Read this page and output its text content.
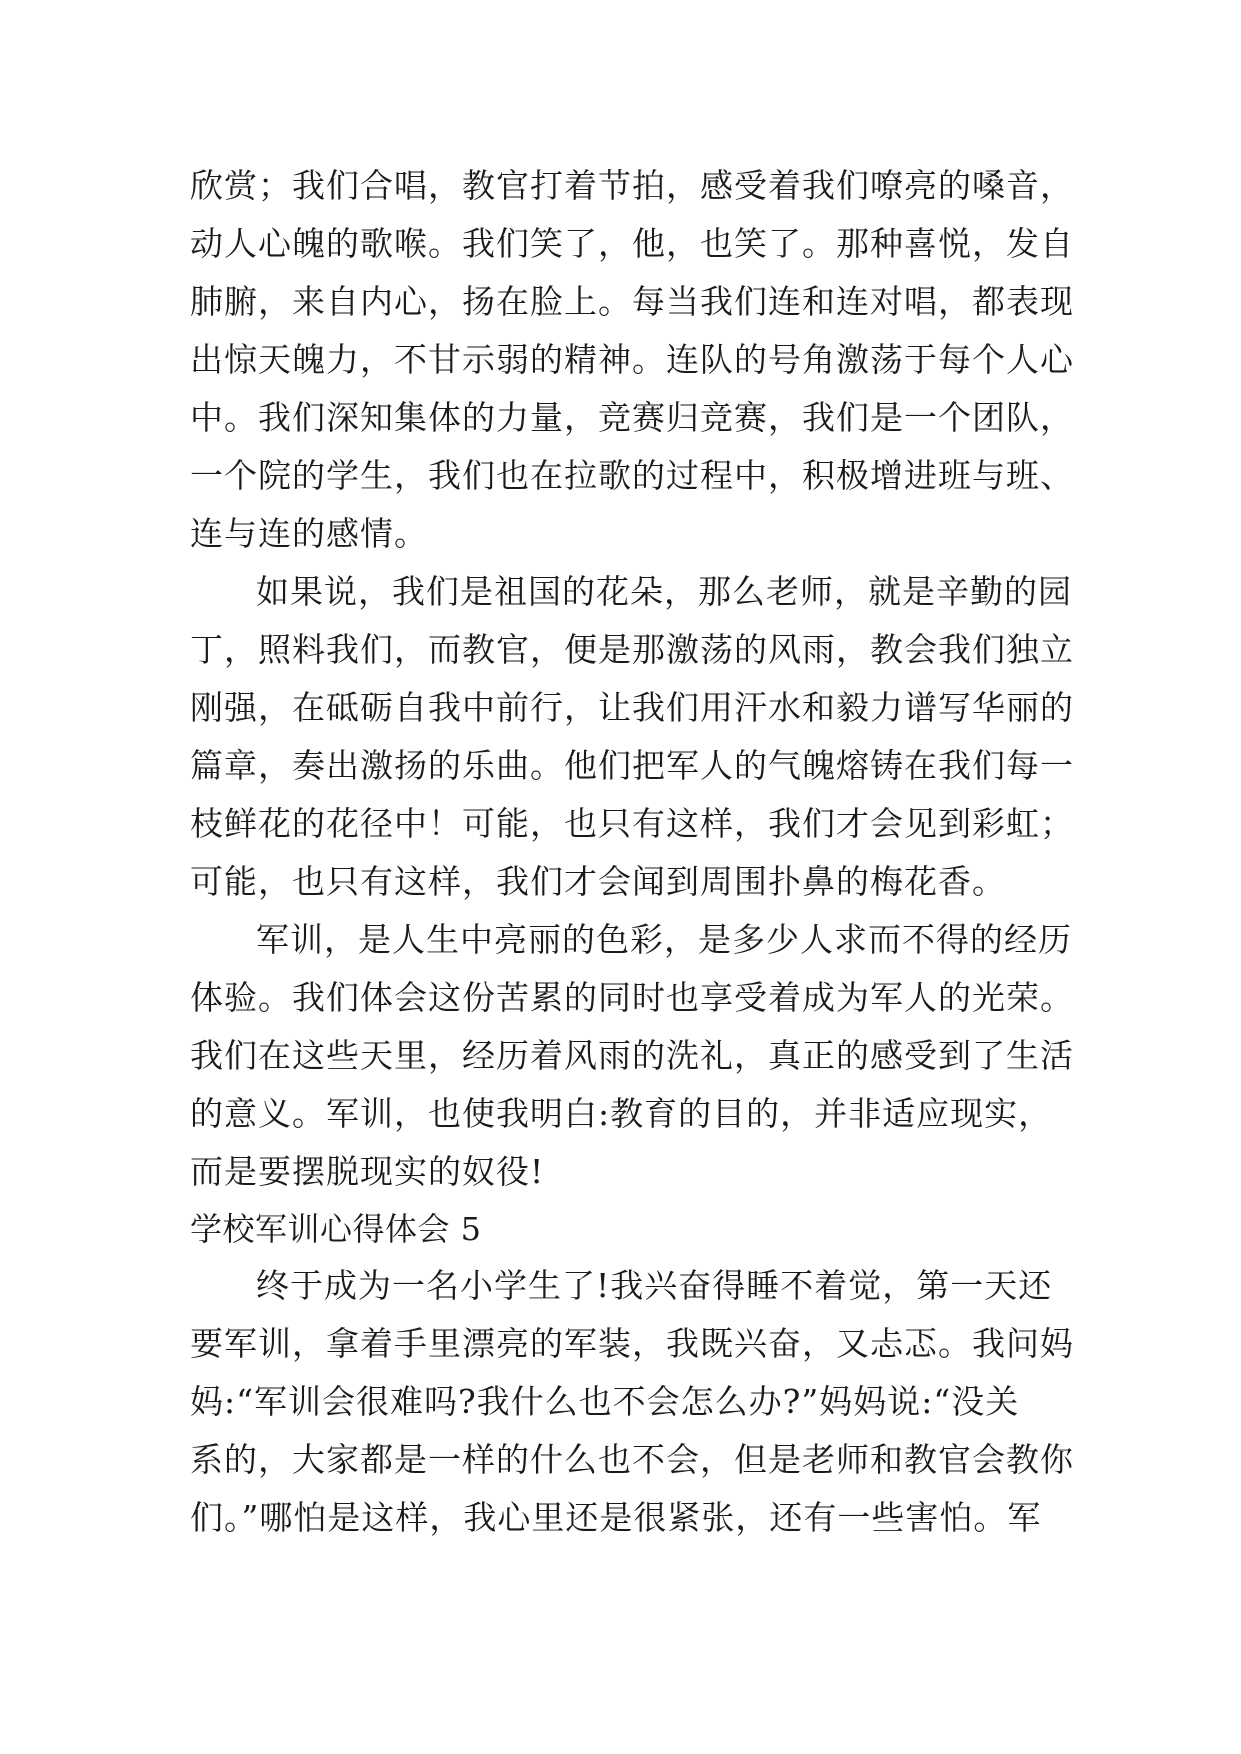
欣赏；我们合唱，教官打着节拍，感受着我们嘹亮的嗓音，
动人心魄的歌喉。我们笑了，他，也笑了。那种喜悦，发自
肺腑，来自内心，扬在脸上。每当我们连和连对唱，都表现
出惊天魄力，不甘示弱的精神。连队的号角激荡于每个人心
中。我们深知集体的力量，竞赛归竞赛，我们是一个团队，
一个院的学生，我们也在拉歌的过程中，积极增进班与班、
连与连的感情。
如果说，我们是祖国的花朵，那么老师，就是辛勤的园
丁，照料我们，而教官，便是那激荡的风雨，教会我们独立
刚强，在砥砺自我中前行，让我们用汗水和毅力谱写华丽的
篇章，奏出激扬的乐曲。他们把军人的气魄熔铸在我们每一
枝鲜花的花径中！可能，也只有这样，我们才会见到彩虹；
可能，也只有这样，我们才会闻到周围扑鼻的梅花香。
军训，是人生中亮丽的色彩，是多少人求而不得的经历
体验。我们体会这份苦累的同时也享受着成为军人的光荣。
我们在这些天里，经历着风雨的洗礼，真正的感受到了生活
的意义。军训，也使我明白:教育的目的，并非适应现实，
而是要摆脱现实的奴役!
学校军训心得体会 5
终于成为一名小学生了!我兴奋得睡不着觉，第一天还
要军训，拿着手里漂亮的军装，我既兴奋，又忐忑。我问妈
妈:“军训会很难吗?我什么也不会怎么办?”妈妈说:“没关
系的，大家都是一样的什么也不会，但是老师和教官会教你
们。”哪怕是这样，我心里还是很紧张，还有一些害怕。军
